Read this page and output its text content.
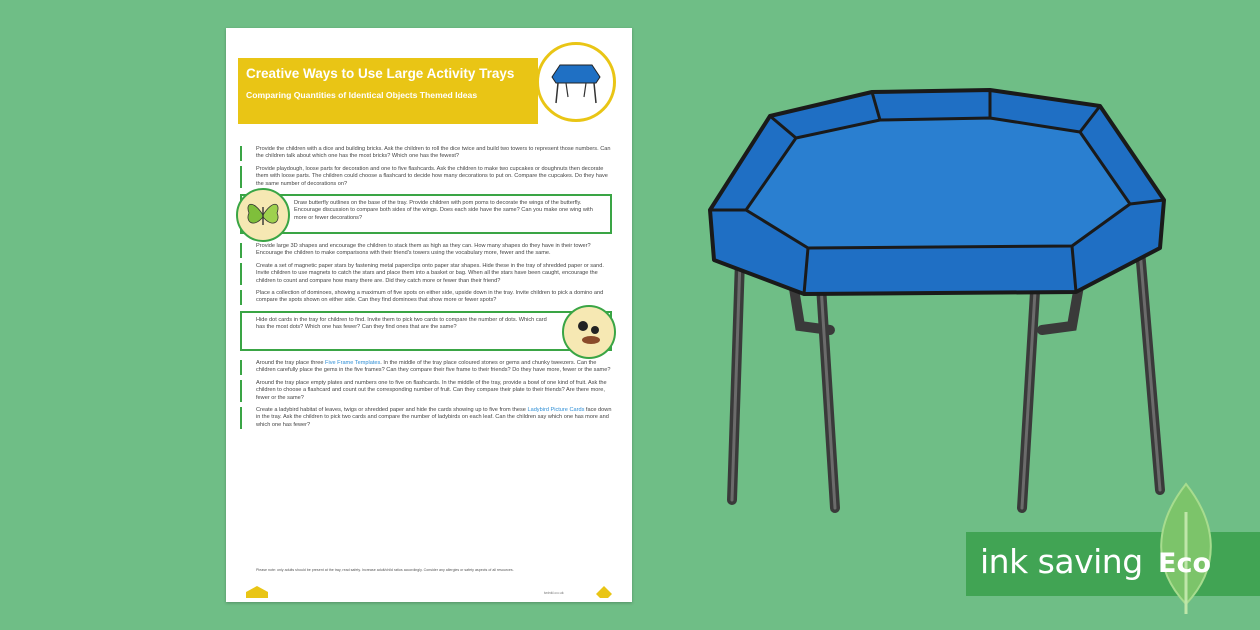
Creative Ways to Use Large Activity Trays
Comparing Quantities of Identical Objects Themed Ideas
Provide the children with a dice and building bricks. Ask the children to roll the dice twice and build two towers to represent those numbers. Can the children talk about which one has the most bricks? Which one has the fewest?
Provide playdough, loose parts for decoration and one to five flashcards. Ask the children to make two cupcakes or doughnuts then decorate them with loose parts. The children could choose a flashcard to decide how many decorations to put on. Compare the cupcakes. Do they have the same number of decorations on?
Draw butterfly outlines on the base of the tray. Provide children with pom poms to decorate the wings of the butterfly. Encourage discussion to compare both sides of the wings. Does each side have the same? Can you make one wing with more or fewer decorations?
Provide large 3D shapes and encourage the children to stack them as high as they can. How many shapes do they have in their tower? Encourage the children to make comparisons with their friend's towers using the vocabulary more, fewer and the same.
Create a set of magnetic paper stars by fastening metal paperclips onto paper star shapes. Hide these in the tray of shredded paper or sand. Invite children to use magnets to catch the stars and place them into a basket or bag. When all the stars have been caught, encourage the children to count and compare how many there are. Did they catch more or fewer than their friend?
Place a collection of dominoes, showing a maximum of five spots on either side, upside down in the tray. Invite children to pick a domino and compare the spots shown on either side. Can they find dominoes that show more or fewer spots?
Hide dot cards in the tray for children to find. Invite them to pick two cards to compare the number of dots. Which card has the most dots? Which one has fewer? Can they find ones that are the same?
Around the tray place three Five Frame Templates. In the middle of the tray place coloured stones or gems and chunky tweezers. Can the children carefully place the gems in the five frames? Can they compare their five frame to their friends? Do they have more, fewer or the same?
Around the tray place empty plates and numbers one to five on flashcards. In the middle of the tray, provide a bowl of one kind of fruit. Ask the children to choose a flashcard and count out the corresponding number of fruit. Can they compare their plate to their friends? Are there more, fewer or the same?
Create a ladybird habitat of leaves, twigs or shredded paper and hide the cards showing up to five from these Ladybird Picture Cards face down in the tray. Ask the children to pick two cards and compare the number of ladybirds on each leaf. Can the children say which one has more and which one has fewer?
Please note: only adults should be present at the tray, read safety. Increase adult/child ratios accordingly. Consider any allergies or safety aspects of all resources.
twinkl.co.uk
ink saving Eco
